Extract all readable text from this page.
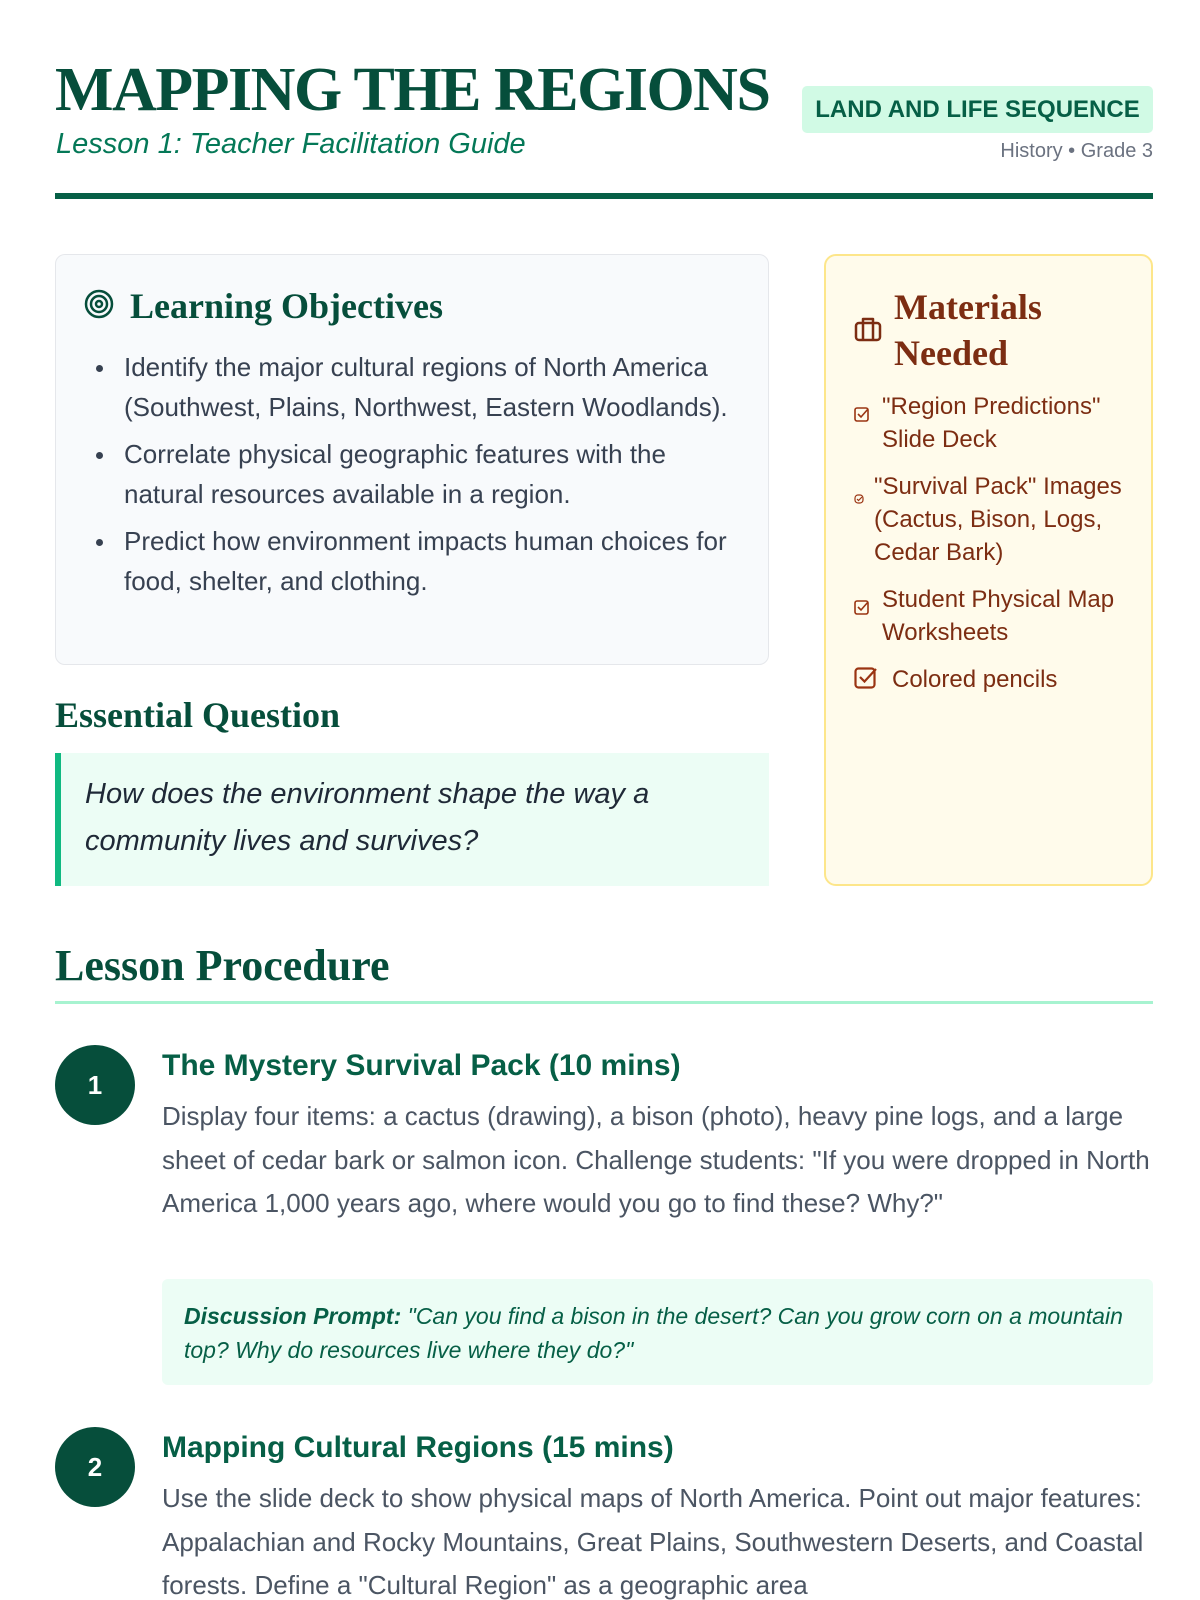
MAPPING THE REGIONS
Lesson 1: Teacher Facilitation Guide
LAND AND LIFE SEQUENCE
History • Grade 3
Learning Objectives
Identify the major cultural regions of North America (Southwest, Plains, Northwest, Eastern Woodlands).
Correlate physical geographic features with the natural resources available in a region.
Predict how environment impacts human choices for food, shelter, and clothing.
Materials Needed
"Region Predictions" Slide Deck
"Survival Pack" Images (Cactus, Bison, Logs, Cedar Bark)
Student Physical Map Worksheets
Colored pencils
Essential Question
How does the environment shape the way a community lives and survives?
Lesson Procedure
1
The Mystery Survival Pack (10 mins)

Display four items: a cactus (drawing), a bison (photo), heavy pine logs, and a large sheet of cedar bark or salmon icon. Challenge students: "If you were dropped in North America 1,000 years ago, where would you go to find these? Why?"

Discussion Prompt: "Can you find a bison in the desert? Can you grow corn on a mountain top? Why do resources live where they do?"
2
Mapping Cultural Regions (15 mins)

Use the slide deck to show physical maps of North America. Point out major features: Appalachian and Rocky Mountains, Great Plains, Southwestern Deserts, and Coastal forests. Define a "Cultural Region" as a geographic area
